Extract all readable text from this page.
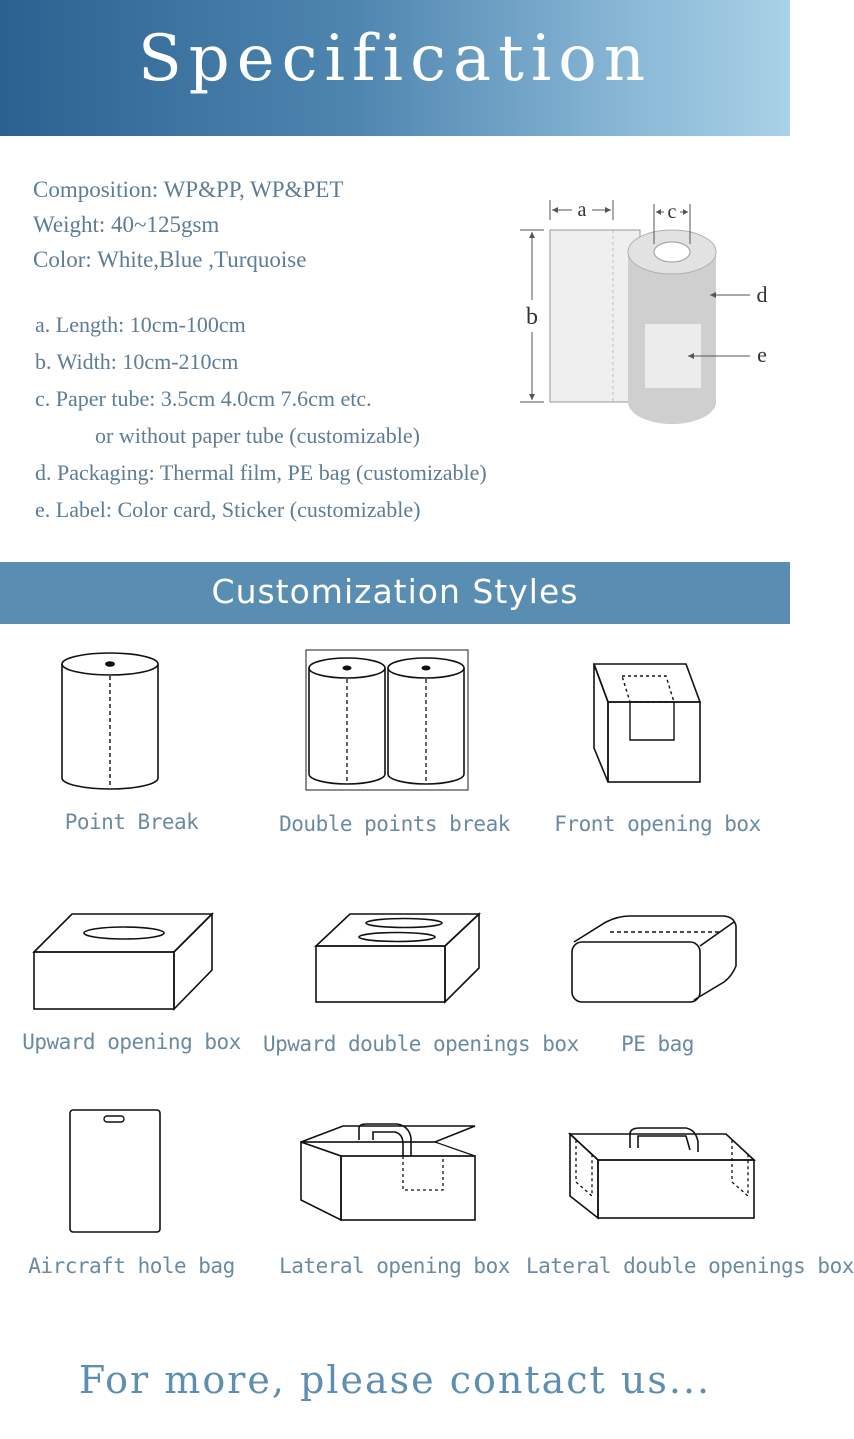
Specification
Composition: WP&PP, WP&PET
Weight: 40~125gsm
Color: White,Blue ,Turquoise
a. Length: 10cm-100cm
b. Width: 10cm-210cm
c. Paper tube: 3.5cm 4.0cm 7.6cm etc.
or without paper tube (customizable)
d. Packaging: Thermal film, PE bag (customizable)
e. Label: Color card, Sticker (customizable)
a	c
b
d
e
Customization Styles
Point Break	Double points break	Front opening box
Upward opening box	Upward double openings box	PE bag
Aircraft hole bag	Lateral opening box Lateral double openings box
For more, please contact us...
